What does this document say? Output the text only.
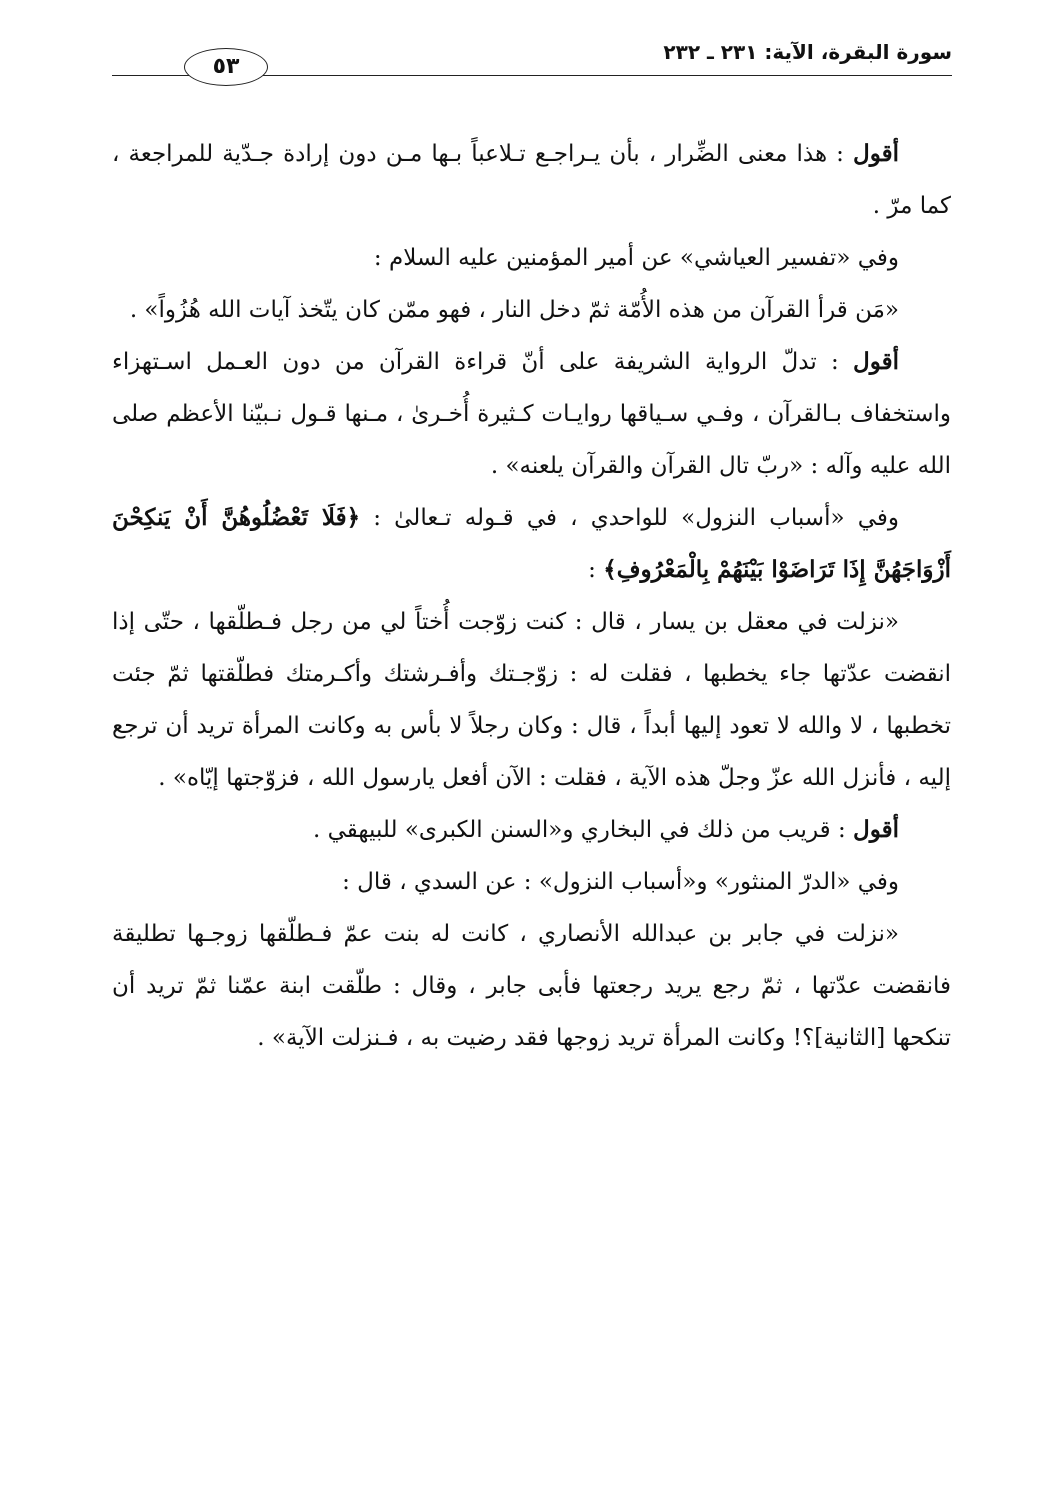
سورة البقرة، الآية: ٢٣١ ـ ٢٣٢
٥٣

أقول : هذا معنى الضِّرار ، بأن يـراجـع تـلاعباً بـها مـن دون إرادة جـدّية للمراجعة ، كما مرّ .

وفي «تفسير العياشي» عن أمير المؤمنين عليه السلام :

«مَن قرأ القرآن من هذه الأُمّة ثمّ دخل النار ، فهو ممّن كان يتّخذ آيات الله هُزُواً» .

أقول : تدلّ الرواية الشريفة على أنّ قراءة القرآن من دون العـمل اسـتهزاء واستخفاف بـالقرآن ، وفـي سـياقها روايـات كـثيرة أُخـرىٰ ، مـنها قـول نـبيّنا الأعظم صلى الله عليه وآله : «ربّ تال القرآن والقرآن يلعنه» .

وفي «أسباب النزول» للواحدي ، في قـوله تـعالىٰ : ﴿فَلَا تَعْضُلُوهُنَّ أَنْ يَنكِحْنَ أَزْوَاجَهُنَّ إِذَا تَرَاضَوْا بَيْنَهُمْ بِالْمَعْرُوفِ﴾ :

«نزلت في معقل بن يسار ، قال : كنت زوّجت أُختاً لي من رجل فـطلّقها ، حتّى إذا انقضت عدّتها جاء يخطبها ، فقلت له : زوّجـتك وأفـرشتك وأكـرمتك فطلّقتها ثمّ جئت تخطبها ، لا والله لا تعود إليها أبداً ، قال : وكان رجلاً لا بأس به وكانت المرأة تريد أن ترجع إليه ، فأنزل الله عزّ وجلّ هذه الآية ، فقلت : الآن أفعل يارسول الله ، فزوّجتها إيّاه» .

أقول : قريب من ذلك في البخاري و«السنن الكبرى» للبيهقي .

وفي «الدرّ المنثور» و«أسباب النزول» : عن السدي ، قال :

«نزلت في جابر بن عبدالله الأنصاري ، كانت له بنت عمّ فـطلّقها زوجـها تطليقة فانقضت عدّتها ، ثمّ رجع يريد رجعتها فأبى جابر ، وقال : طلّقت ابنة عمّنا ثمّ تريد أن تنكحها [الثانية]؟! وكانت المرأة تريد زوجها فقد رضيت به ، فـنزلت الآية» .
